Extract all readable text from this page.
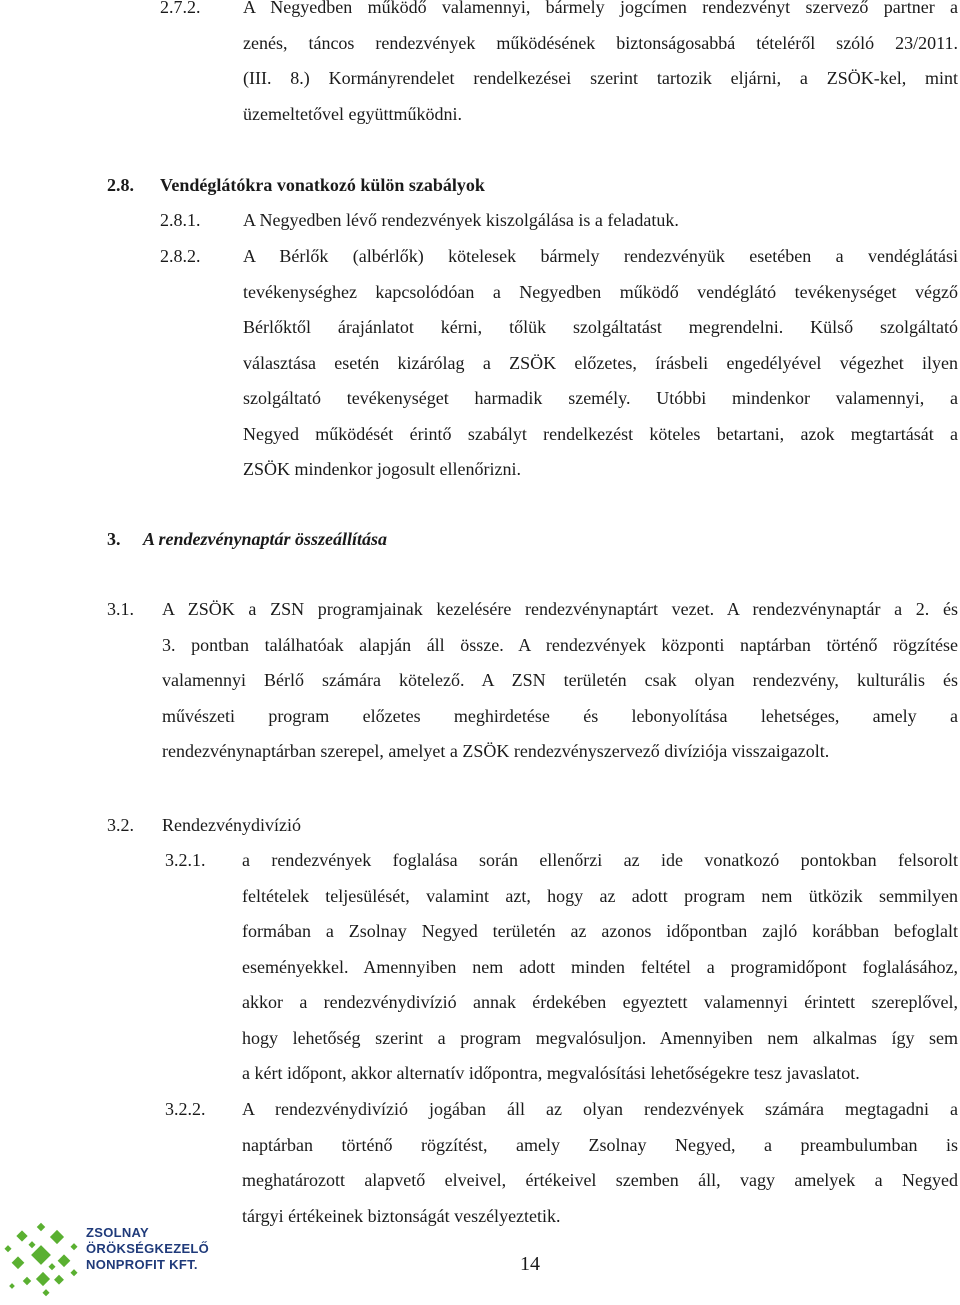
2.7.2.	A Negyedben működő valamennyi, bármely jogcímen rendezvényt szervező partner a
zenés, táncos rendezvények működésének biztonságosabbá tételéről szóló 23/2011.
(III. 8.) Kormányrendelet rendelkezései szerint tartozik eljárni, a ZSÖK-kel, mint
üzemeltetővel együttműködni.
2.8.	Vendéglátókra vonatkozó külön szabályok
2.8.1.	A Negyedben lévő rendezvények kiszolgálása is a feladatuk.
2.8.2.	A Bérlők (albérlők) kötelesek bármely rendezvényük esetében a vendéglátási
tevékenységhez kapcsolódóan a Negyedben működő vendéglátó tevékenységet végző
Bérlőktől árajánlatot kérni, tőlük szolgáltatást megrendelni. Külső szolgáltató
választása esetén kizárólag a ZSÖK előzetes, írásbeli engedélyével végezhet ilyen
szolgáltató tevékenységet harmadik személy. Utóbbi mindenkor valamennyi, a
Negyed működését érintő szabályt rendelkezést köteles betartani, azok megtartását a
ZSÖK mindenkor jogosult ellenőrizni.
3.	A rendezvénynaptár összeállítása
3.1.	A ZSÖK a ZSN programjainak kezelésére rendezvénynaptárt vezet. A rendezvénynaptár a 2. és
3. pontban találhatóak alapján áll össze. A rendezvények központi naptárban történő rögzítése
valamennyi Bérlő számára kötelező. A ZSN területén csak olyan rendezvény, kulturális és
művészeti program előzetes meghirdetése és lebonyolítása lehetséges, amely a
rendezvénynaptárban szerepel, amelyet a ZSÖK rendezvényszervező divíziója visszaigazolt.
3.2.	Rendezvénydivízió
3.2.1.	a rendezvények foglalása során ellenőrzi az ide vonatkozó pontokban felsorolt
feltételek teljesülését, valamint azt, hogy az adott program nem ütközik semmilyen
formában a Zsolnay Negyed területén az azonos időpontban zajló korábban befoglalt
eseményekkel. Amennyiben nem adott minden feltétel a programidőpont foglalásához,
akkor a rendezvénydivízió annak érdekében egyeztett valamennyi érintett szereplővel,
hogy lehetőség szerint a program megvalósuljon. Amennyiben nem alkalmas így sem
a kért időpont, akkor alternatív időpontra, megvalósítási lehetőségekre tesz javaslatot.
3.2.2.	A rendezvénydivízió jogában áll az olyan rendezvények számára megtagadni a
naptárban történő rögzítést, amely Zsolnay Negyed, a preambulumban is
meghatározott alapvető elveivel, értékeivel szemben áll, vagy amelyek a Negyed
tárgyi értékeinek biztonságát veszélyeztetik.
ZSOLNAY
ÖRÖKSÉGKEZELŐ
NONPROFIT KFT.	14
